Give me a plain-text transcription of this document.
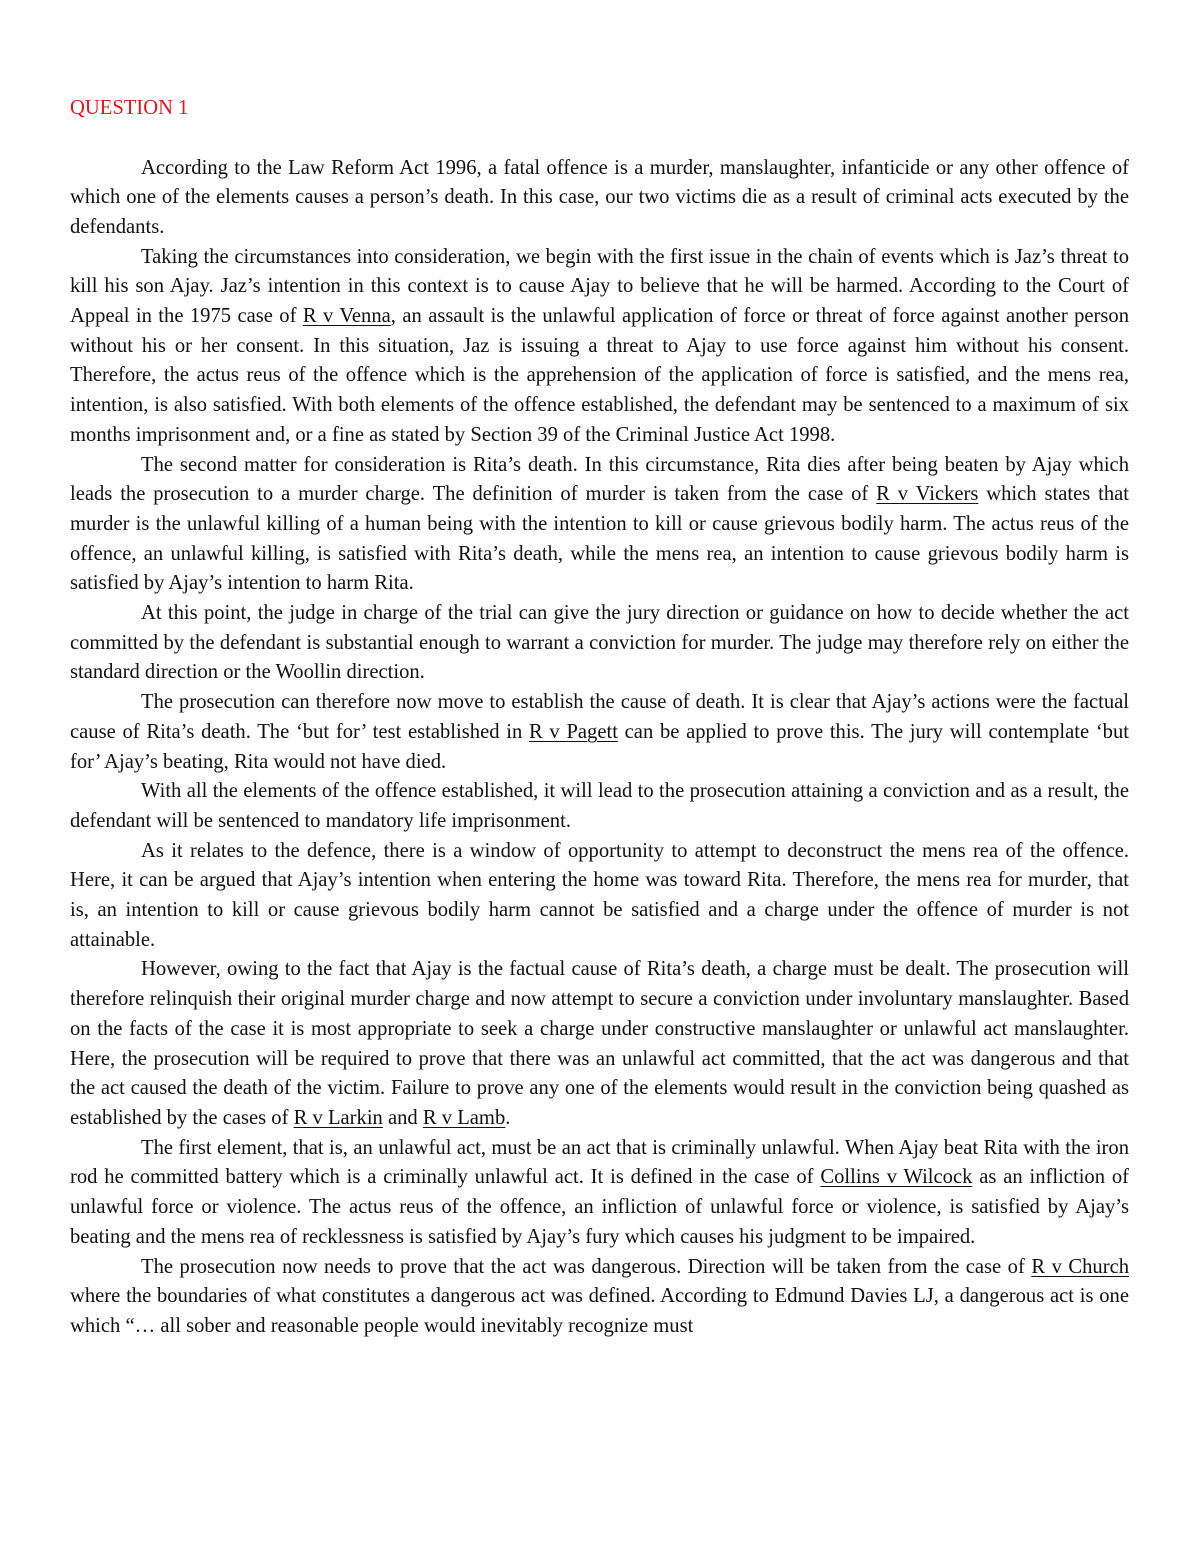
QUESTION 1

According to the Law Reform Act 1996, a fatal offence is a murder, manslaughter, infanticide or any other offence of which one of the elements causes a person’s death. In this case, our two victims die as a result of criminal acts executed by the defendants.

Taking the circumstances into consideration, we begin with the first issue in the chain of events which is Jaz’s threat to kill his son Ajay. Jaz’s intention in this context is to cause Ajay to believe that he will be harmed. According to the Court of Appeal in the 1975 case of R v Venna, an assault is the unlawful application of force or threat of force against another person without his or her consent. In this situation, Jaz is issuing a threat to Ajay to use force against him without his consent. Therefore, the actus reus of the offence which is the apprehension of the application of force is satisfied, and the mens rea, intention, is also satisfied. With both elements of the offence established, the defendant may be sentenced to a maximum of six months imprisonment and, or a fine as stated by Section 39 of the Criminal Justice Act 1998.

The second matter for consideration is Rita’s death. In this circumstance, Rita dies after being beaten by Ajay which leads the prosecution to a murder charge. The definition of murder is taken from the case of R v Vickers which states that murder is the unlawful killing of a human being with the intention to kill or cause grievous bodily harm. The actus reus of the offence, an unlawful killing, is satisfied with Rita’s death, while the mens rea, an intention to cause grievous bodily harm is satisfied by Ajay’s intention to harm Rita.

At this point, the judge in charge of the trial can give the jury direction or guidance on how to decide whether the act committed by the defendant is substantial enough to warrant a conviction for murder. The judge may therefore rely on either the standard direction or the Woollin direction.

The prosecution can therefore now move to establish the cause of death. It is clear that Ajay’s actions were the factual cause of Rita’s death. The ‘but for’ test established in R v Pagett can be applied to prove this. The jury will contemplate ‘but for’ Ajay’s beating, Rita would not have died.

With all the elements of the offence established, it will lead to the prosecution attaining a conviction and as a result, the defendant will be sentenced to mandatory life imprisonment.

As it relates to the defence, there is a window of opportunity to attempt to deconstruct the mens rea of the offence. Here, it can be argued that Ajay’s intention when entering the home was toward Rita. Therefore, the mens rea for murder, that is, an intention to kill or cause grievous bodily harm cannot be satisfied and a charge under the offence of murder is not attainable.

However, owing to the fact that Ajay is the factual cause of Rita’s death, a charge must be dealt. The prosecution will therefore relinquish their original murder charge and now attempt to secure a conviction under involuntary manslaughter. Based on the facts of the case it is most appropriate to seek a charge under constructive manslaughter or unlawful act manslaughter. Here, the prosecution will be required to prove that there was an unlawful act committed, that the act was dangerous and that the act caused the death of the victim. Failure to prove any one of the elements would result in the conviction being quashed as established by the cases of R v Larkin and R v Lamb.

The first element, that is, an unlawful act, must be an act that is criminally unlawful. When Ajay beat Rita with the iron rod he committed battery which is a criminally unlawful act. It is defined in the case of Collins v Wilcock as an infliction of unlawful force or violence. The actus reus of the offence, an infliction of unlawful force or violence, is satisfied by Ajay’s beating and the mens rea of recklessness is satisfied by Ajay’s fury which causes his judgment to be impaired.

The prosecution now needs to prove that the act was dangerous. Direction will be taken from the case of R v Church where the boundaries of what constitutes a dangerous act was defined. According to Edmund Davies LJ, a dangerous act is one which “… all sober and reasonable people would inevitably recognize must
